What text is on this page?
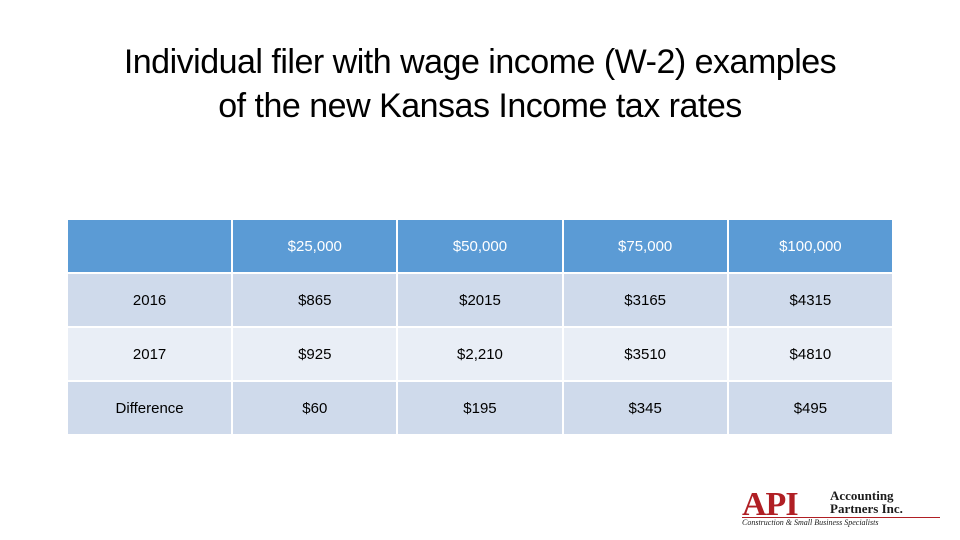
Individual filer with wage income (W-2) examples
of the new Kansas Income tax rates
	$25,000	$50,000	$75,000	$100,000
2016	$865	$2015	$3165	$4315
2017	$925	$2,210	$3510	$4810
Difference	$60	$195	$345	$495
API Accounting
Partners Inc.
Construction & Small Business Specialists
